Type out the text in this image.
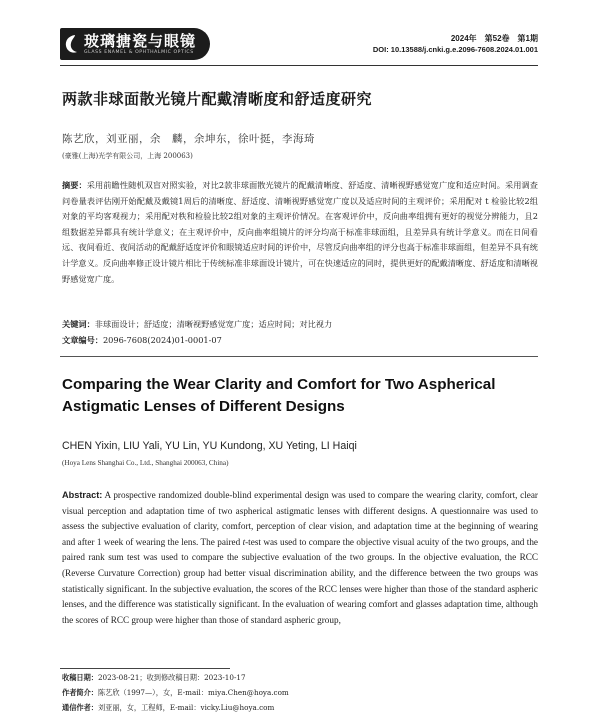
玻璃搪瓷与眼镜
GLASS ENAMEL & OPHTHALMIC OPTICS
2024年　第52卷　第1期
DOI: 10.13588/j.cnki.g.e.2096-7608.2024.01.001
两款非球面散光镜片配戴清晰度和舒适度研究
陈艺欣，刘亚丽，余　麟，余坤东，徐叶挺，李海琦
(豪雅(上海)光学有限公司，上海 200063)
摘要：采用前瞻性随机双盲对照实验，对比2款非球面散光镜片的配戴清晰度、舒适度、清晰视野感觉宽广度和适应时间。采用调查问卷量表评估刚开始配戴及戴镜1周后的清晰度、舒适度、清晰视野感觉宽广度以及适应时间的主观评价；采用配对 t 检验比较2组对象的平均客观视力；采用配对秩和检验比较2组对象的主观评价情况。在客观评价中，反向曲率组拥有更好的视觉分辨能力，且2组数据差异都具有统计学意义；在主观评价中，反向曲率组镜片的评分均高于标准非球面组，且差异具有统计学意义。而在日间看远、夜间看近、夜间活动的配戴舒适度评价和眼镜适应时间的评价中，尽管反向曲率组的评分也高于标准非球面组，但差异不具有统计学意义。反向曲率修正设计镜片相比于传统标准非球面设计镜片，可在快速适应的同时，提供更好的配戴清晰度、舒适度和清晰视野感觉宽广度。
关键词：非球面设计；舒适度；清晰视野感觉宽广度；适应时间；对比视力
文章编号：2096-7608(2024)01-0001-07
Comparing the Wear Clarity and Comfort for Two Aspherical Astigmatic Lenses of Different Designs
CHEN Yixin, LIU Yali, YU Lin, YU Kundong, XU Yeting, LI Haiqi
(Hoya Lens Shanghai Co., Ltd., Shanghai 200063, China)
Abstract: A prospective randomized double-blind experimental design was used to compare the wearing clarity, comfort, clear visual perception and adaptation time of two aspherical astigmatic lenses with different designs. A questionnaire was used to assess the subjective evaluation of clarity, comfort, perception of clear vision, and adaptation time at the beginning of wearing and after 1 week of wearing the lens. The paired t-test was used to compare the objective visual acuity of the two groups, and the paired rank sum test was used to compare the subjective evaluation of the two groups. In the objective evaluation, the RCC (Reverse Curvature Correction) group had better visual discrimination ability, and the difference between the two groups was statistically significant. In the subjective evaluation, the scores of the RCC lenses were higher than those of the standard aspheric lenses, and the difference was statistically significant. In the evaluation of wearing comfort and glasses adaptation time, although the scores of RCC group were higher than those of standard aspheric group,
收稿日期：2023-08-21；收到修改稿日期：2023-10-17
作者简介：陈艺欣（1997—），女，E-mail：miya.Chen@hoya.com
通信作者：刘亚丽，女，工程师，E-mail：vicky.Liu@hoya.com
